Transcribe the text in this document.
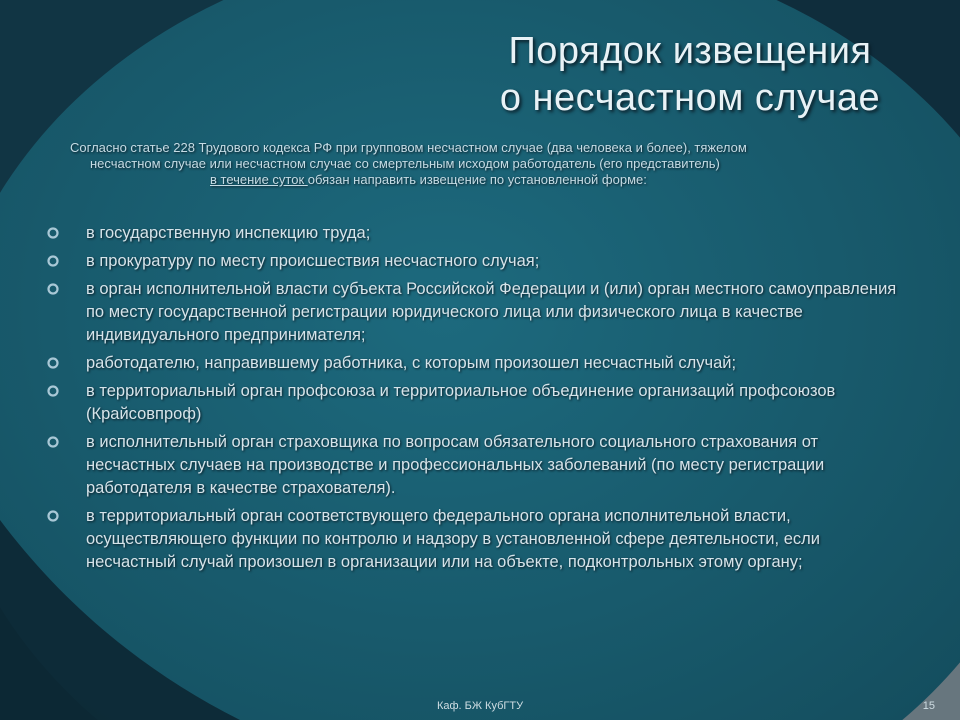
Порядок извещения
о несчастном случае
Согласно статье 228 Трудового кодекса РФ при групповом несчастном случае (два человека и более), тяжелом
несчастном случае или несчастном случае со смертельным исходом работодатель (его представитель)
в течение суток обязан направить извещение по установленной форме:
в государственную инспекцию труда;
в прокуратуру по месту происшествия несчастного случая;
в орган исполнительной власти субъекта Российской Федерации и (или) орган местного самоуправления по месту государственной регистрации юридического лица или физического лица в качестве индивидуального предпринимателя;
работодателю, направившему работника, с которым произошел несчастный случай;
в территориальный орган профсоюза и территориальное объединение организаций профсоюзов (Крайсовпроф)
в исполнительный орган страховщика по вопросам обязательного социального страхования от несчастных случаев на производстве и профессиональных заболеваний (по месту регистрации работодателя в качестве страхователя).
в территориальный орган соответствующего федерального органа исполнительной власти, осуществляющего функции по контролю и надзору в установленной сфере деятельности, если несчастный случай произошел в организации или на объекте, подконтрольных этому органу;
Каф. БЖ КубГТУ	15
